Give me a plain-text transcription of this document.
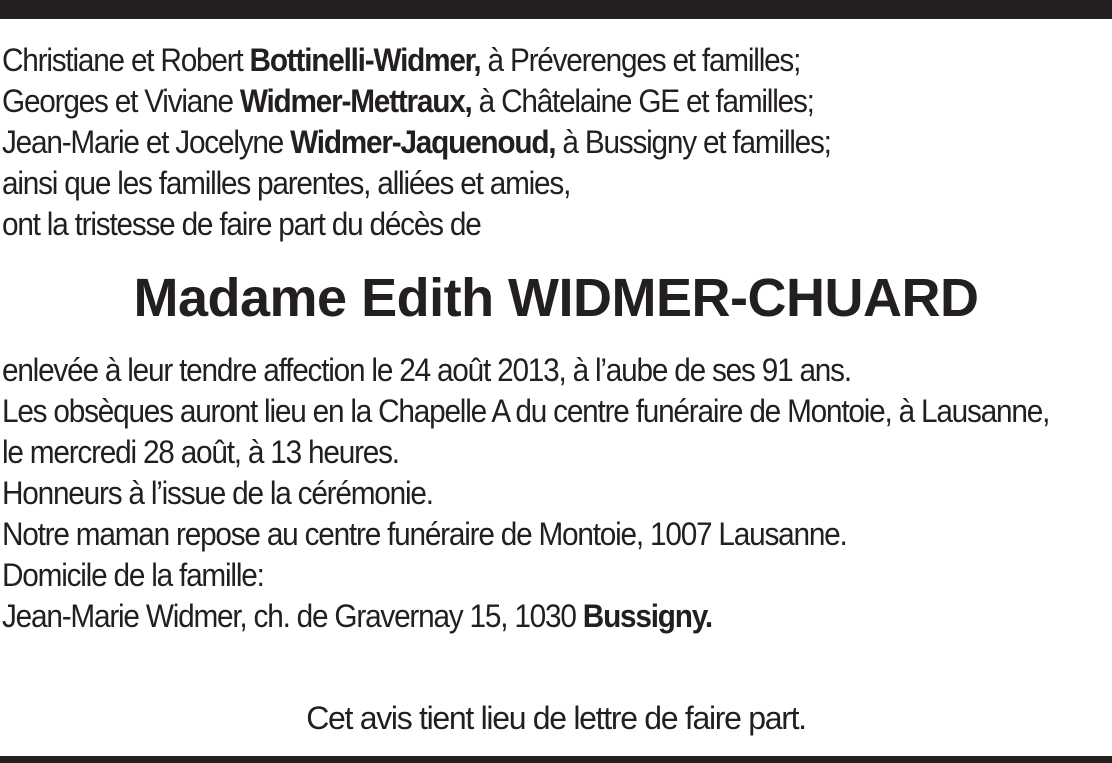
Christiane et Robert Bottinelli-Widmer, à Préverenges et familles;
Georges et Viviane Widmer-Mettraux, à Châtelaine GE et familles;
Jean-Marie et Jocelyne Widmer-Jaquenoud, à Bussigny et familles;
ainsi que les familles parentes, alliées et amies,
ont la tristesse de faire part du décès de
Madame Edith WIDMER-CHUARD
enlevée à leur tendre affection le 24 août 2013, à l’aube de ses 91 ans.
Les obsèques auront lieu en la Chapelle A du centre funéraire de Montoie, à Lausanne,
le mercredi 28 août, à 13 heures.
Honneurs à l’issue de la cérémonie.
Notre maman repose au centre funéraire de Montoie, 1007 Lausanne.
Domicile de la famille:
Jean-Marie Widmer, ch. de Gravernay 15, 1030 Bussigny.
Cet avis tient lieu de lettre de faire part.
